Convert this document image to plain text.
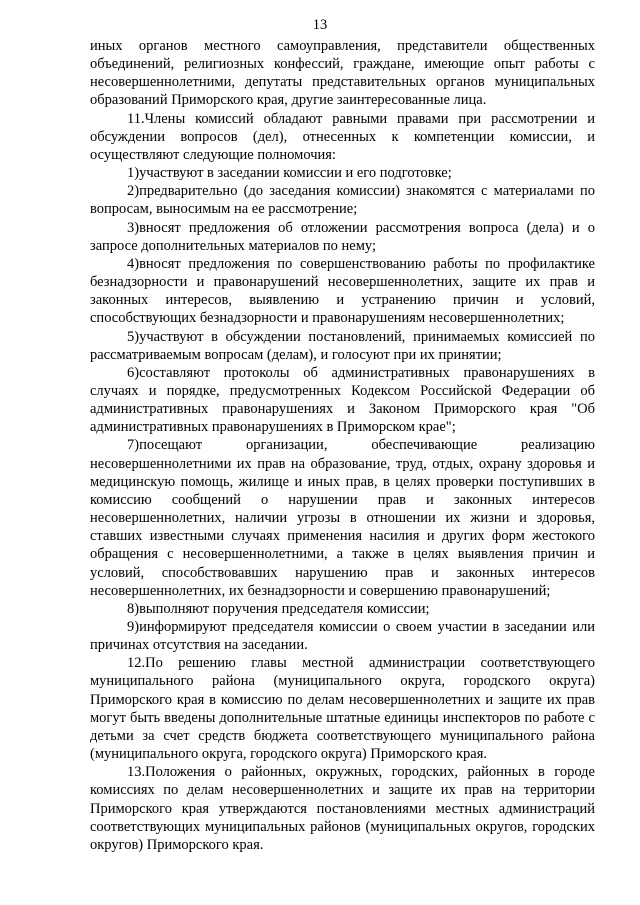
13

иных органов местного самоуправления, представители общественных объединений, религиозных конфессий, граждане, имеющие опыт работы с несовершеннолетними, депутаты представительных органов муниципальных образований Приморского края, другие заинтересованные лица.

11.Члены комиссий обладают равными правами при рассмотрении и обсуждении вопросов (дел), отнесенных к компетенции комиссии, и осуществляют следующие полномочия:

1)участвуют в заседании комиссии и его подготовке;

2)предварительно (до заседания комиссии) знакомятся с материалами по вопросам, выносимым на ее рассмотрение;

3)вносят предложения об отложении рассмотрения вопроса (дела) и о запросе дополнительных материалов по нему;

4)вносят предложения по совершенствованию работы по профилактике безнадзорности и правонарушений несовершеннолетних, защите их прав и законных интересов, выявлению и устранению причин и условий, способствующих безнадзорности и правонарушениям несовершеннолетних;

5)участвуют в обсуждении постановлений, принимаемых комиссией по рассматриваемым вопросам (делам), и голосуют при их принятии;

6)составляют протоколы об административных правонарушениях в случаях и порядке, предусмотренных Кодексом Российской Федерации об административных правонарушениях и Законом Приморского края "Об административных правонарушениях в Приморском крае";

7)посещают организации, обеспечивающие реализацию несовершеннолетними их прав на образование, труд, отдых, охрану здоровья и медицинскую помощь, жилище и иных прав, в целях проверки поступивших в комиссию сообщений о нарушении прав и законных интересов несовершеннолетних, наличии угрозы в отношении их жизни и здоровья, ставших известными случаях применения насилия и других форм жестокого обращения с несовершеннолетними, а также в целях выявления причин и условий, способствовавших нарушению прав и законных интересов несовершеннолетних, их безнадзорности и совершению правонарушений;

8)выполняют поручения председателя комиссии;

9)информируют председателя комиссии о своем участии в заседании или причинах отсутствия на заседании.

12.По решению главы местной администрации соответствующего муниципального района (муниципального округа, городского округа) Приморского края в комиссию по делам несовершеннолетних и защите их прав могут быть введены дополнительные штатные единицы инспекторов по работе с детьми за счет средств бюджета соответствующего муниципального района (муниципального округа, городского округа) Приморского края.

13.Положения о районных, окружных, городских, районных в городе комиссиях по делам несовершеннолетних и защите их прав на территории Приморского края утверждаются постановлениями местных администраций соответствующих муниципальных районов (муниципальных округов, городских округов) Приморского края.
